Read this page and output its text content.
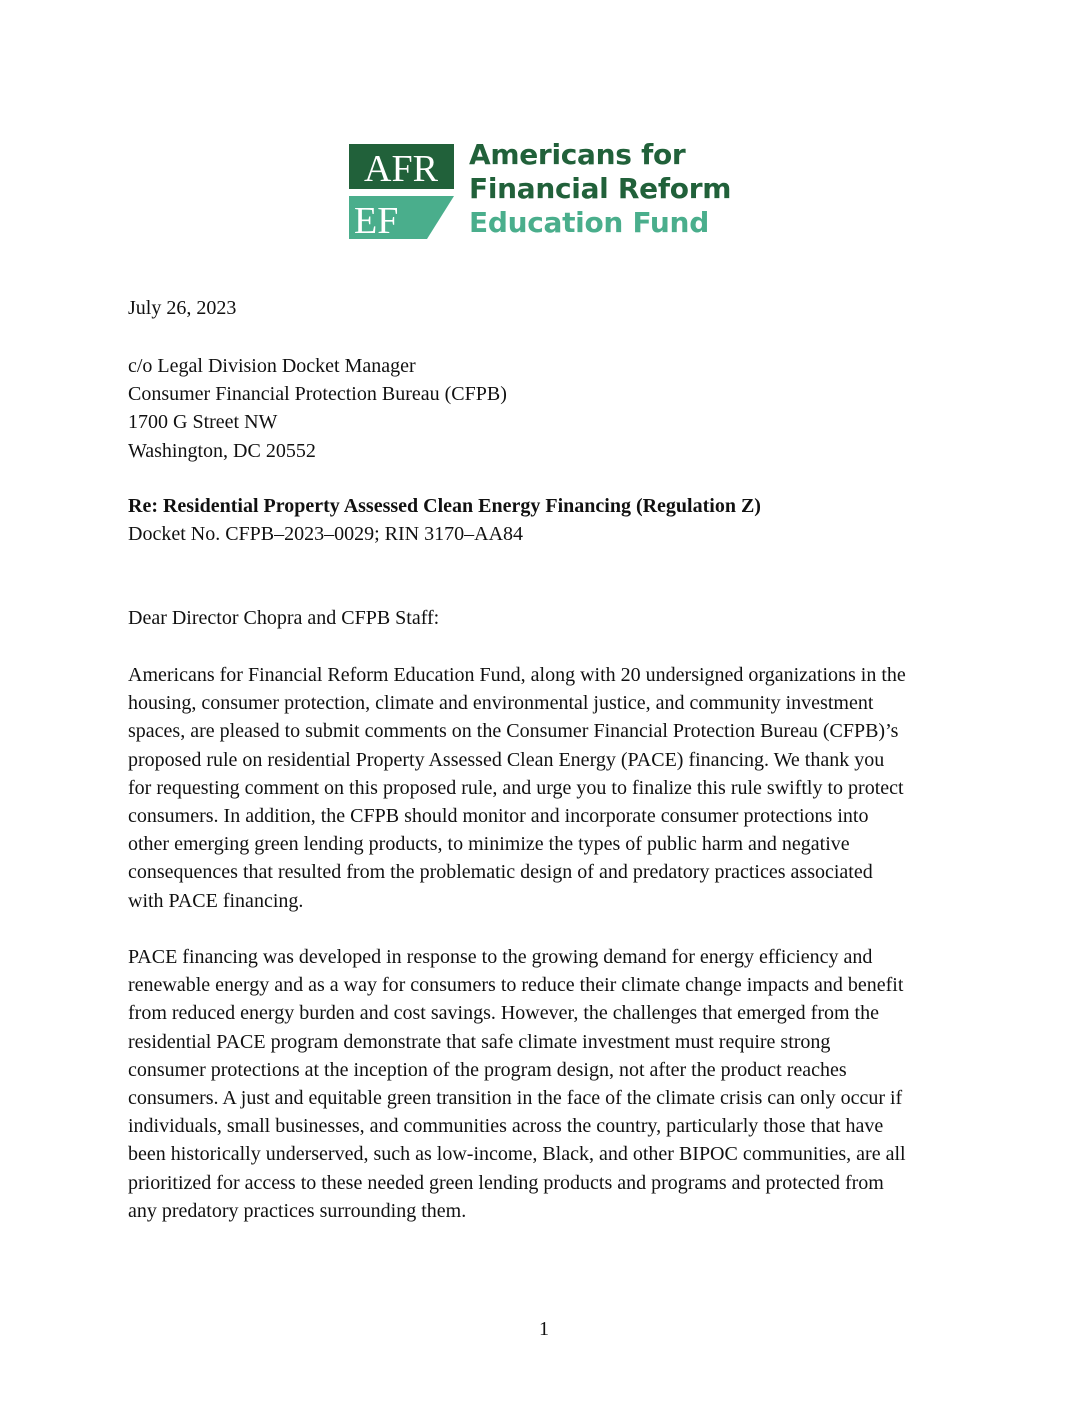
AFR
EF
Americans for
Financial Reform
Education Fund
July 26, 2023
c/o Legal Division Docket Manager
Consumer Financial Protection Bureau (CFPB)
1700 G Street NW
Washington, DC 20552
Re: Residential Property Assessed Clean Energy Financing (Regulation Z)
Docket No. CFPB–2023–0029; RIN 3170–AA84
Dear Director Chopra and CFPB Staff:
Americans for Financial Reform Education Fund, along with 20 undersigned organizations in the
housing, consumer protection, climate and environmental justice, and community investment
spaces, are pleased to submit comments on the Consumer Financial Protection Bureau (CFPB)’s
proposed rule on residential Property Assessed Clean Energy (PACE) financing. We thank you
for requesting comment on this proposed rule, and urge you to finalize this rule swiftly to protect
consumers. In addition, the CFPB should monitor and incorporate consumer protections into
other emerging green lending products, to minimize the types of public harm and negative
consequences that resulted from the problematic design of and predatory practices associated
with PACE financing.
PACE financing was developed in response to the growing demand for energy efficiency and
renewable energy and as a way for consumers to reduce their climate change impacts and benefit
from reduced energy burden and cost savings. However, the challenges that emerged from the
residential PACE program demonstrate that safe climate investment must require strong
consumer protections at the inception of the program design, not after the product reaches
consumers. A just and equitable green transition in the face of the climate crisis can only occur if
individuals, small businesses, and communities across the country, particularly those that have
been historically underserved, such as low-income, Black, and other BIPOC communities, are all
prioritized for access to these needed green lending products and programs and protected from
any predatory practices surrounding them.
1
